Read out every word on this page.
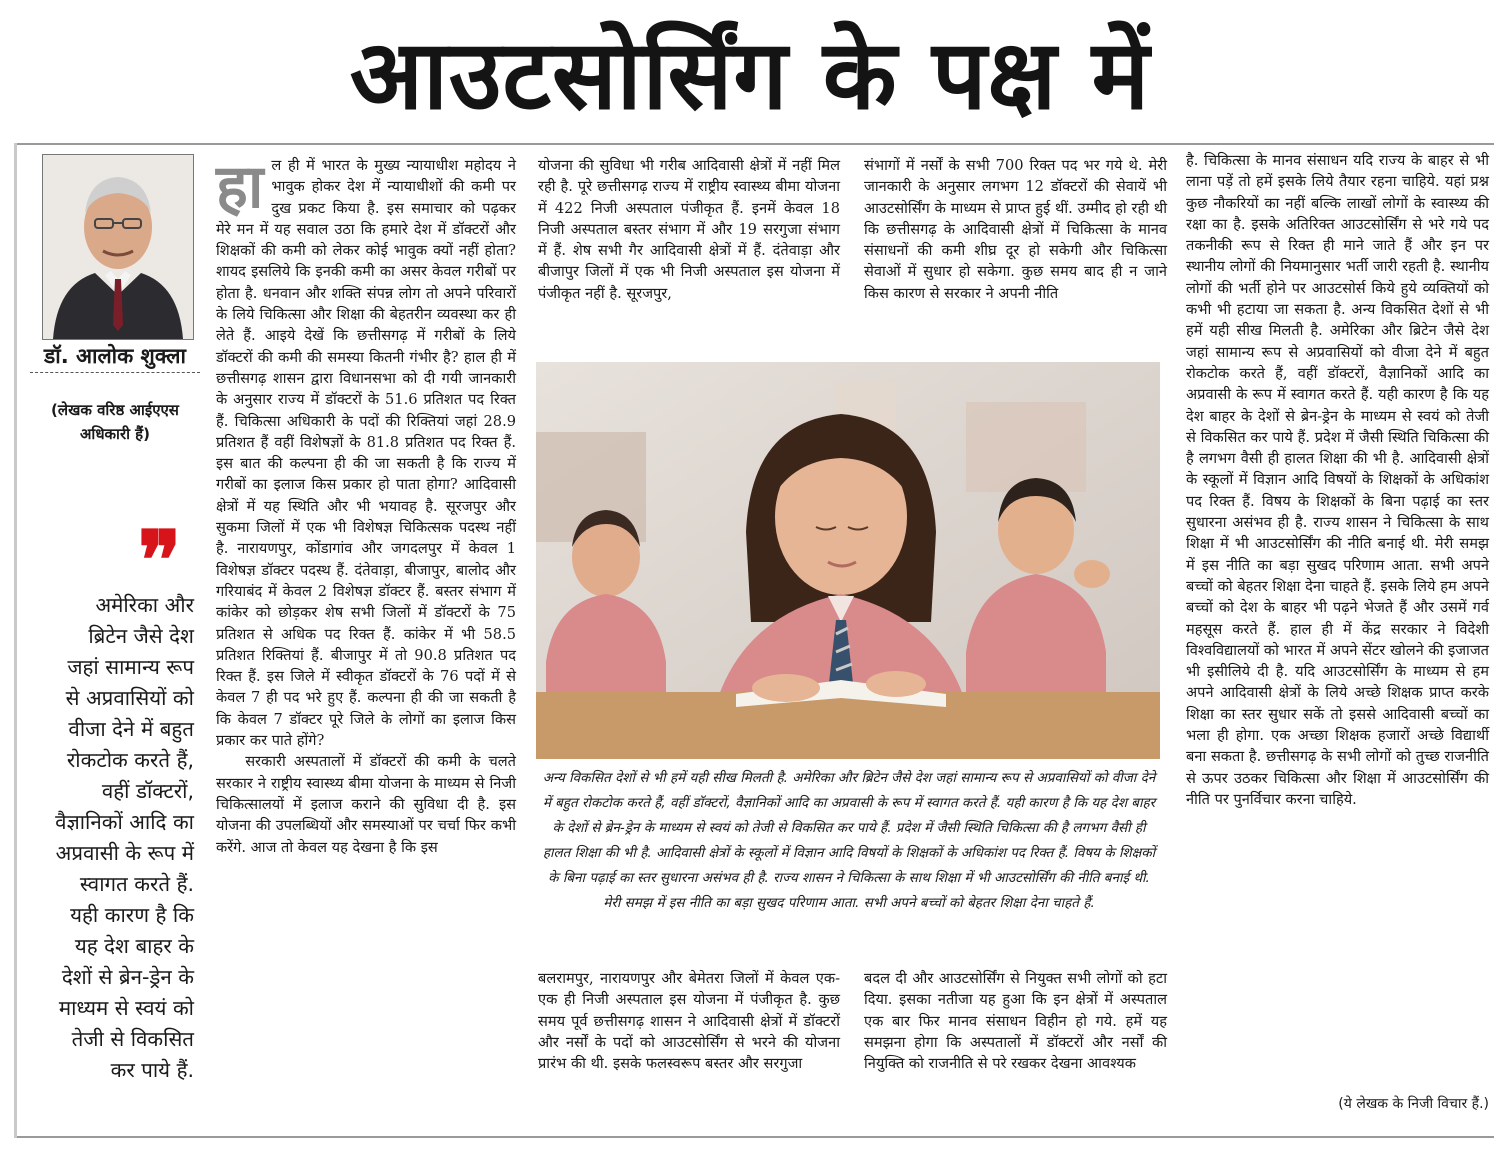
आउटसोर्सिंग के पक्ष में
डॉ. आलोक शुक्ला
(लेखक वरिष्ठ आईएएस अधिकारी हैं)
❞

अमेरिका और

ब्रिटेन जैसे देश

जहां सामान्य रूप

से अप्रवासियों को

वीजा देने में बहुत

रोकटोक करते हैं,

वहीं डॉक्टरों,

वैज्ञानिकों आदि का

अप्रवासी के रूप में

स्वागत करते हैं.

यही कारण है कि

यह देश बाहर के

देशों से ब्रेन-ड्रेन के

माध्यम से स्वयं को

तेजी से विकसित

कर पाये हैं.

हाल ही में भारत के मुख्य न्यायाधीश महोदय ने भावुक होकर देश में न्यायाधीशों की कमी पर दुख प्रकट किया है. इस समाचार को पढ़कर मेरे मन में यह सवाल उठा कि हमारे देश में डॉक्टरों और शिक्षकों की कमी को लेकर कोई भावुक क्यों नहीं होता? शायद इसलिये कि इनकी कमी का असर केवल गरीबों पर होता है. धनवान और शक्ति संपन्न लोग तो अपने परिवारों के लिये चिकित्सा और शिक्षा की बेहतरीन व्यवस्था कर ही लेते हैं. आइये देखें कि छत्तीसगढ़ में गरीबों के लिये डॉक्टरों की कमी की समस्या कितनी गंभीर है? हाल ही में छत्तीसगढ़ शासन द्वारा विधानसभा को दी गयी जानकारी के अनुसार राज्य में डॉक्टरों के 51.6 प्रतिशत पद रिक्त हैं. चिकित्सा अधिकारी के पदों की रिक्तियां जहां 28.9 प्रतिशत हैं वहीं विशेषज्ञों के 81.8 प्रतिशत पद रिक्त हैं. इस बात की कल्पना ही की जा सकती है कि राज्य में गरीबों का इलाज किस प्रकार हो पाता होगा? आदिवासी क्षेत्रों में यह स्थिति और भी भयावह है. सूरजपुर और सुकमा जिलों में एक भी विशेषज्ञ चिकित्सक पदस्थ नहीं है. नारायणपुर, कोंडागांव और जगदलपुर में केवल 1 विशेषज्ञ डॉक्टर पदस्थ हैं. दंतेवाड़ा, बीजापुर, बालोद और गरियाबंद में केवल 2 विशेषज्ञ डॉक्टर हैं. बस्तर संभाग में कांकेर को छोड़कर शेष सभी जिलों में डॉक्टरों के 75 प्रतिशत से अधिक पद रिक्त हैं. कांकेर में भी 58.5 प्रतिशत रिक्तियां हैं. बीजापुर में तो 90.8 प्रतिशत पद रिक्त हैं. इस जिले में स्वीकृत डॉक्टरों के 76 पदों में से केवल 7 ही पद भरे हुए हैं. कल्पना ही की जा सकती है कि केवल 7 डॉक्टर पूरे जिले के लोगों का इलाज किस प्रकार कर पाते होंगे?

सरकारी अस्पतालों में डॉक्टरों की कमी के चलते सरकार ने राष्ट्रीय स्वास्थ्य बीमा योजना के माध्यम से निजी चिकित्सालयों में इलाज कराने की सुविधा दी है. इस योजना की उपलब्धियों और समस्याओं पर चर्चा फिर कभी करेंगे. आज तो केवल यह देखना है कि इस

योजना की सुविधा भी गरीब आदिवासी क्षेत्रों में नहीं मिल रही है. पूरे छत्तीसगढ़ राज्य में राष्ट्रीय स्वास्थ्य बीमा योजना में 422 निजी अस्पताल पंजीकृत हैं. इनमें केवल 18 निजी अस्पताल बस्तर संभाग में और 19 सरगुजा संभाग में हैं. शेष सभी गैर आदिवासी क्षेत्रों में हैं. दंतेवाड़ा और बीजापुर जिलों में एक भी निजी अस्पताल इस योजना में पंजीकृत नहीं है. सूरजपुर,
संभागों में नर्सों के सभी 700 रिक्त पद भर गये थे. मेरी जानकारी के अनुसार लगभग 12 डॉक्टरों की सेवायें भी आउटसोर्सिंग के माध्यम से प्राप्त हुई थीं. उम्मीद हो रही थी कि छत्तीसगढ़ के आदिवासी क्षेत्रों में चिकित्सा के मानव संसाधनों की कमी शीघ्र दूर हो सकेगी और चिकित्सा सेवाओं में सुधार हो सकेगा. कुछ समय बाद ही न जाने किस कारण से सरकार ने अपनी नीति
अन्य विकसित देशों से भी हमें यही सीख मिलती है. अमेरिका और ब्रिटेन जैसे देश जहां सामान्य रूप से अप्रवासियों को वीजा देने में बहुत रोकटोक करते हैं, वहीं डॉक्टरों, वैज्ञानिकों आदि का अप्रवासी के रूप में स्वागत करते हैं. यही कारण है कि यह देश बाहर के देशों से ब्रेन-ड्रेन के माध्यम से स्वयं को तेजी से विकसित कर पाये हैं. प्रदेश में जैसी स्थिति चिकित्सा की है लगभग वैसी ही हालत शिक्षा की भी है. आदिवासी क्षेत्रों के स्कूलों में विज्ञान आदि विषयों के शिक्षकों के अधिकांश पद रिक्त हैं. विषय के शिक्षकों के बिना पढ़ाई का स्तर सुधारना असंभव ही है. राज्य शासन ने चिकित्सा के साथ शिक्षा में भी आउटसोर्सिंग की नीति बनाई थी. मेरी समझ में इस नीति का बड़ा सुखद परिणाम आता. सभी अपने बच्चों को बेहतर शिक्षा देना चाहते हैं.
बलरामपुर, नारायणपुर और बेमेतरा जिलों में केवल एक-एक ही निजी अस्पताल इस योजना में पंजीकृत है. कुछ समय पूर्व छत्तीसगढ़ शासन ने आदिवासी क्षेत्रों में डॉक्टरों और नर्सों के पदों को आउटसोर्सिंग से भरने की योजना प्रारंभ की थी. इसके फलस्वरूप बस्तर और सरगुजा
बदल दी और आउटसोर्सिंग से नियुक्त सभी लोगों को हटा दिया. इसका नतीजा यह हुआ कि इन क्षेत्रों में अस्पताल एक बार फिर मानव संसाधन विहीन हो गये. हमें यह समझना होगा कि अस्पतालों में डॉक्टरों और नर्सों की नियुक्ति को राजनीति से परे रखकर देखना आवश्यक
है. चिकित्सा के मानव संसाधन यदि राज्य के बाहर से भी लाना पड़ें तो हमें इसके लिये तैयार रहना चाहिये. यहां प्रश्न कुछ नौकरियों का नहीं बल्कि लाखों लोगों के स्वास्थ्य की रक्षा का है. इसके अतिरिक्त आउटसोर्सिंग से भरे गये पद तकनीकी रूप से रिक्त ही माने जाते हैं और इन पर स्थानीय लोगों की नियमानुसार भर्ती जारी रहती है. स्थानीय लोगों की भर्ती होने पर आउटसोर्स किये हुये व्यक्तियों को कभी भी हटाया जा सकता है. अन्य विकसित देशों से भी हमें यही सीख मिलती है. अमेरिका और ब्रिटेन जैसे देश जहां सामान्य रूप से अप्रवासियों को वीजा देने में बहुत रोकटोक करते हैं, वहीं डॉक्टरों, वैज्ञानिकों आदि का अप्रवासी के रूप में स्वागत करते हैं. यही कारण है कि यह देश बाहर के देशों से ब्रेन-ड्रेन के माध्यम से स्वयं को तेजी से विकसित कर पाये हैं. प्रदेश में जैसी स्थिति चिकित्सा की है लगभग वैसी ही हालत शिक्षा की भी है. आदिवासी क्षेत्रों के स्कूलों में विज्ञान आदि विषयों के शिक्षकों के अधिकांश पद रिक्त हैं. विषय के शिक्षकों के बिना पढ़ाई का स्तर सुधारना असंभव ही है. राज्य शासन ने चिकित्सा के साथ शिक्षा में भी आउटसोर्सिंग की नीति बनाई थी. मेरी समझ में इस नीति का बड़ा सुखद परिणाम आता. सभी अपने बच्चों को बेहतर शिक्षा देना चाहते हैं. इसके लिये हम अपने बच्चों को देश के बाहर भी पढ़ने भेजते हैं और उसमें गर्व महसूस करते हैं. हाल ही में केंद्र सरकार ने विदेशी विश्वविद्यालयों को भारत में अपने सेंटर खोलने की इजाजत भी इसीलिये दी है. यदि आउटसोर्सिंग के माध्यम से हम अपने आदिवासी क्षेत्रों के लिये अच्छे शिक्षक प्राप्त करके शिक्षा का स्तर सुधार सकें तो इससे आदिवासी बच्चों का भला ही होगा. एक अच्छा शिक्षक हजारों अच्छे विद्यार्थी बना सकता है. छत्तीसगढ़ के सभी लोगों को तुच्छ राजनीति से ऊपर उठकर चिकित्सा और शिक्षा में आउटसोर्सिंग की नीति पर पुनर्विचार करना चाहिये.
(ये लेखक के निजी विचार हैं.)
